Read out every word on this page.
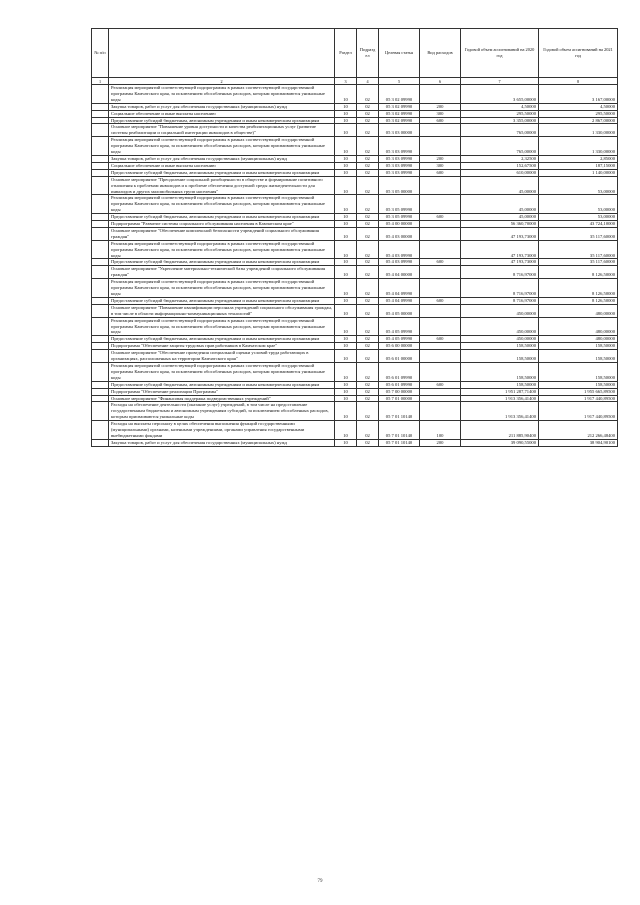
№ п/п		Раздел	Подраздел	Целевая статья	Вид расходов	Годовой объем ассигнований на 2020 год	Годовой объем ассигнований на 2021 год
1	2	3	4	5	6	7	8
	Реализация мероприятий соответствующей подпрограммы в рамках соответствующей государственной программы Камчатского края, за исключением обособленных расходов, которым присваиваются уникальные коды	10	02	05 3 02 09990		3 655,00000	3 167,00000
	Закупка товаров, работ и услуг для обеспечения государственных (муниципальных) нужд	10	02	05 3 02 09990	200	4,50000	4,50000
	Социальное обеспечение и иные выплаты населению	10	02	05 3 02 09990	300	295,50000	295,50000
	Предоставление субсидий бюджетным, автономным учреждениям и иным некоммерческим организациям	10	02	05 3 02 09990	600	3 355,00000	2 867,00000
	Основное мероприятие "Повышение уровня доступности и качества реабилитационных услуг (развитие системы реабилитации и социальной интеграции инвалидов в обществе)"	10	02	05 3 03 00000		765,00000	1 330,00000
	Реализация мероприятий соответствующей подпрограммы в рамках соответствующей государственной программы Камчатского края, за исключением обособленных расходов, которым присваиваются уникальные коды	10	02	05 3 03 09990		765,00000	1 330,00000
	Закупка товаров, работ и услуг для обеспечения государственных (муниципальных) нужд	10	02	05 3 03 09990	200	2,32500	2,85000
	Социальное обеспечение и иные выплаты населению	10	02	05 3 03 09990	300	152,67500	187,15000
	Предоставление субсидий бюджетным, автономным учреждениям и иным некоммерческим организациям	10	02	05 3 03 09990	600	610,00000	1 140,00000
	Основное мероприятие "Преодоление социальной разобщенности в обществе и формирование позитивного отношения к проблемам инвалидов и к проблеме обеспечения доступной среды жизнедеятельности для инвалидов и других маломобильных групп населения"	10	02	05 3 05 00000		45,00000	53,00000
	Реализация мероприятий соответствующей подпрограммы в рамках соответствующей государственной программы Камчатского края, за исключением обособленных расходов, которым присваиваются уникальные коды	10	02	05 3 05 09990		45,00000	53,00000
	Предоставление субсидий бюджетным, автономным учреждениям и иным некоммерческим организациям	10	02	05 3 05 09990	600	45,00000	53,00000
	Подпрограмма "Развитие системы социального обслуживания населения в Камчатском крае"	10	02	05 4 00 00000		56 360,70000	43 724,10000
	Основное мероприятие "Обеспечение комплексной безопасности учреждений социального обслуживания граждан"	10	02	05 4 03 00000		47 193,73000	35 117,60000
	Реализация мероприятий соответствующей подпрограммы в рамках соответствующей государственной программы Камчатского края, за исключением обособленных расходов, которым присваиваются уникальные коды	10	02	05 4 03 09990		47 193,73000	35 117,60000
	Предоставление субсидий бюджетным, автономным учреждениям и иным некоммерческим организациям	10	02	05 4 03 09990	600	47 193,73000	35 117,60000
	Основное мероприятие "Укрепление материально-технической базы учреждений социального обслуживания граждан"	10	02	05 4 04 00000		8 716,97000	8 126,50000
	Реализация мероприятий соответствующей подпрограммы в рамках соответствующей государственной программы Камчатского края, за исключением обособленных расходов, которым присваиваются уникальные коды	10	02	05 4 04 09990		8 716,97000	8 126,50000
	Предоставление субсидий бюджетным, автономным учреждениям и иным некоммерческим организациям	10	02	05 4 04 09990	600	8 716,97000	8 126,50000
	Основное мероприятие "Повышение квалификации персонала учреждений социального обслуживания граждан, в том числе в области информационно-коммуникационных технологий"	10	02	05 4 05 00000		450,00000	480,00000
	Реализация мероприятий соответствующей подпрограммы в рамках соответствующей государственной программы Камчатского края, за исключением обособленных расходов, которым присваиваются уникальные коды	10	02	05 4 05 09990		450,00000	480,00000
	Предоставление субсидий бюджетным, автономным учреждениям и иным некоммерческим организациям	10	02	05 4 05 09990	600	450,00000	480,00000
	Подпрограмма "Обеспечение защиты трудовых прав работников в Камчатском крае"	10	02	05 6 00 00000		158,50000	158,50000
	Основное мероприятие "Обеспечение проведения специальной оценки условий труда работающих в организациях, расположенных на территории Камчатского края"	10	02	05 6 01 00000		158,50000	158,50000
	Реализация мероприятий соответствующей подпрограммы в рамках соответствующей государственной программы Камчатского края, за исключением обособленных расходов, которым присваиваются уникальные коды	10	02	05 6 01 09990		158,50000	158,50000
	Предоставление субсидий бюджетным, автономным учреждениям и иным некоммерческим организациям	10	02	05 6 01 09990	600	158,50000	158,50000
	Подпрограмма "Обеспечение реализации Программы"	10	02	05 7 00 00000		1 951 287,71400	1 955 665,89500
	Основное мероприятие "Финансовая поддержка подведомственных учреждений"	10	02	05 7 01 00000		1 913 356,41400	1 917 440,89500
	Расходы на обеспечение деятельности (оказание услуг) учреждений, в том числе на предоставление государственным бюджетным и автономным учреждениям субсидий, за исключением обособленных расходов, которым присваиваются уникальные коды	10	02	05 7 01 10140		1 913 356,41400	1 917 440,89500
	Расходы на выплаты персоналу в целях обеспечения выполнения функций государственными (муниципальными) органами, казенными учреждениями, органами управления государственными внебюджетными фондами	10	02	05 7 01 10140	100	211 885,90400	212 266,48400
	Закупка товаров, работ и услуг для обеспечения государственных (муниципальных) нужд	10	02	05 7 01 10140	200	39 090,55000	38 904,90100
79
